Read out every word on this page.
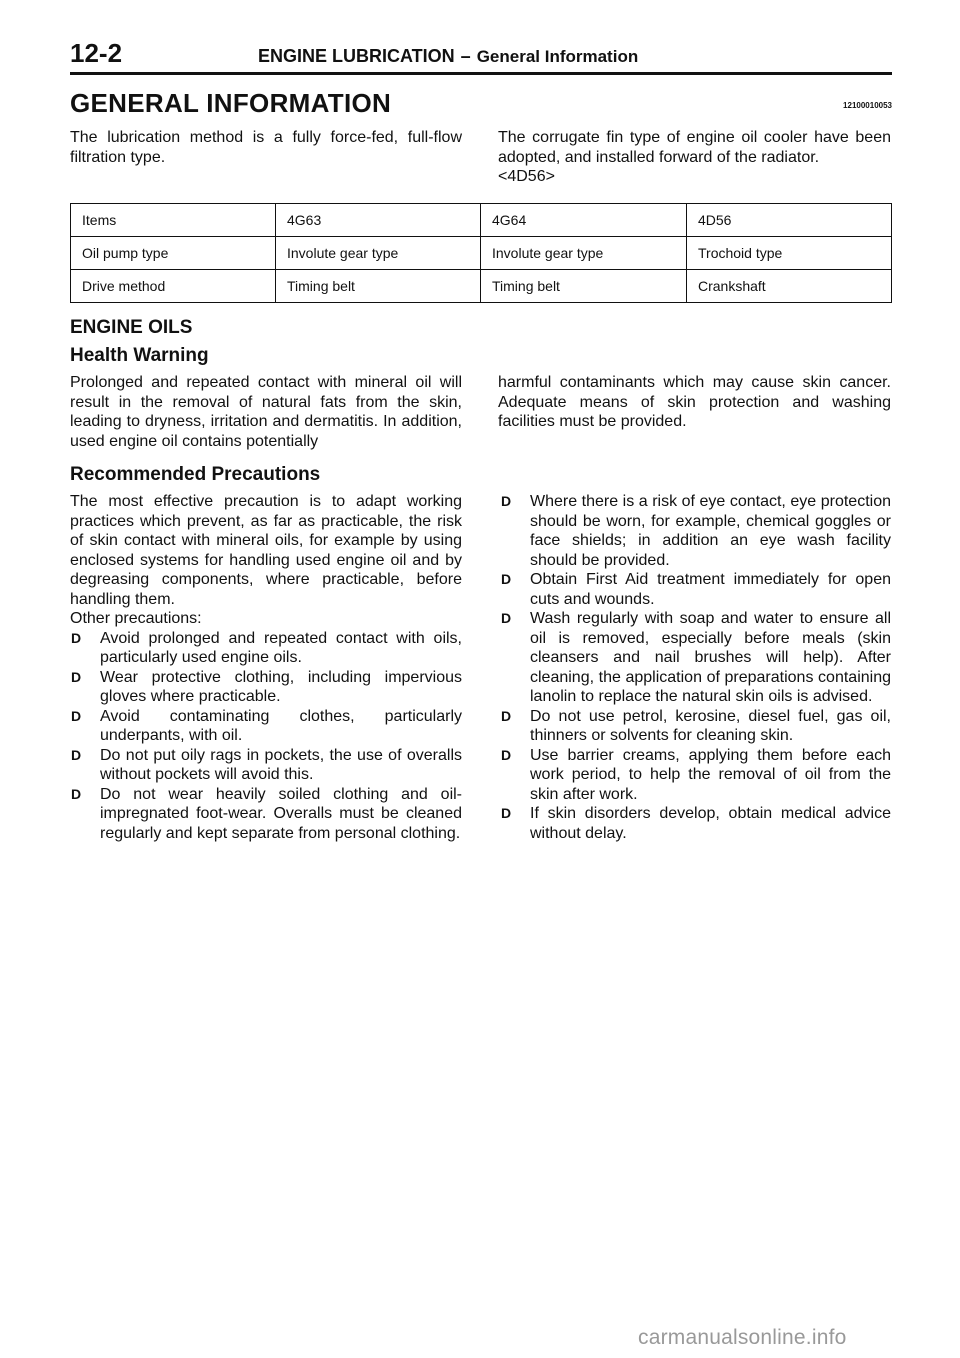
12-2	ENGINE LUBRICATION – General Information
GENERAL INFORMATION	12100010053
The lubrication method is a fully force-fed, full-flow filtration type.
The corrugate fin type of engine oil cooler have been adopted, and installed forward of the radiator.
<4D56>
Items	4G63	4G64	4D56
Oil pump type	Involute gear type	Involute gear type	Trochoid type
Drive method	Timing belt	Timing belt	Crankshaft
ENGINE OILS
Health Warning
Prolonged and repeated contact with mineral oil will result in the removal of natural fats from the skin, leading to dryness, irritation and dermatitis. In addition, used engine oil contains potentially
harmful contaminants which may cause skin cancer. Adequate means of skin protection and washing facilities must be provided.
Recommended Precautions
The most effective precaution is to adapt working practices which prevent, as far as practicable, the risk of skin contact with mineral oils, for example by using enclosed systems for handling used engine oil and by degreasing components, where practicable, before handling them.
Other precautions:
D Avoid prolonged and repeated contact with oils, particularly used engine oils.
D Wear protective clothing, including impervious gloves where practicable.
D Avoid contaminating clothes, particularly underpants, with oil.
D Do not put oily rags in pockets, the use of overalls without pockets will avoid this.
D Do not wear heavily soiled clothing and oil-impregnated foot-wear. Overalls must be cleaned regularly and kept separate from personal clothing.
D Where there is a risk of eye contact, eye protection should be worn, for example, chemical goggles or face shields; in addition an eye wash facility should be provided.
D Obtain First Aid treatment immediately for open cuts and wounds.
D Wash regularly with soap and water to ensure all oil is removed, especially before meals (skin cleansers and nail brushes will help). After cleaning, the application of preparations containing lanolin to replace the natural skin oils is advised.
D Do not use petrol, kerosine, diesel fuel, gas oil, thinners or solvents for cleaning skin.
D Use barrier creams, applying them before each work period, to help the removal of oil from the skin after work.
D If skin disorders develop, obtain medical advice without delay.
carmanualsonline.info
